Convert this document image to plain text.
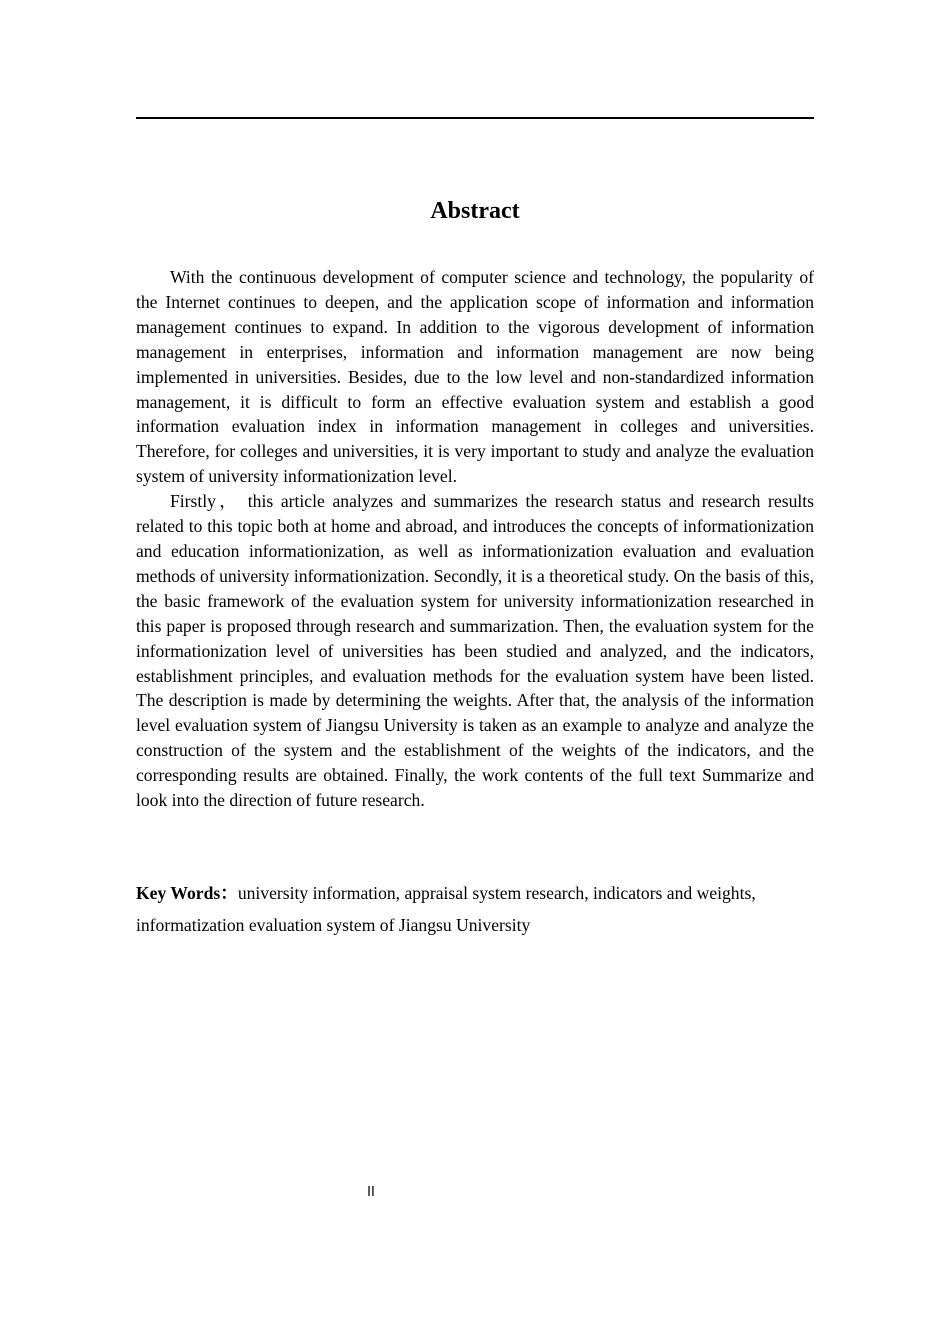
Abstract

With the continuous development of computer science and technology, the popularity of the Internet continues to deepen, and the application scope of information and information management continues to expand. In addition to the vigorous development of information management in enterprises, information and information management are now being implemented in universities. Besides, due to the low level and non-standardized information management, it is difficult to form an effective evaluation system and establish a good information evaluation index in information management in colleges and universities. Therefore, for colleges and universities, it is very important to study and analyze the evaluation system of university informationization level.

Firstly， this article analyzes and summarizes the research status and research results related to this topic both at home and abroad, and introduces the concepts of informationization and education informationization, as well as informationization evaluation and evaluation methods of university informationization. Secondly, it is a theoretical study. On the basis of this, the basic framework of the evaluation system for university informationization researched in this paper is proposed through research and summarization. Then, the evaluation system for the informationization level of universities has been studied and analyzed, and the indicators, establishment principles, and evaluation methods for the evaluation system have been listed. The description is made by determining the weights. After that, the analysis of the information level evaluation system of Jiangsu University is taken as an example to analyze and analyze the construction of the system and the establishment of the weights of the indicators, and the corresponding results are obtained. Finally, the work contents of the full text Summarize and look into the direction of future research.

Key Words：university information, appraisal system research, indicators and weights, informatization evaluation system of Jiangsu University

II
